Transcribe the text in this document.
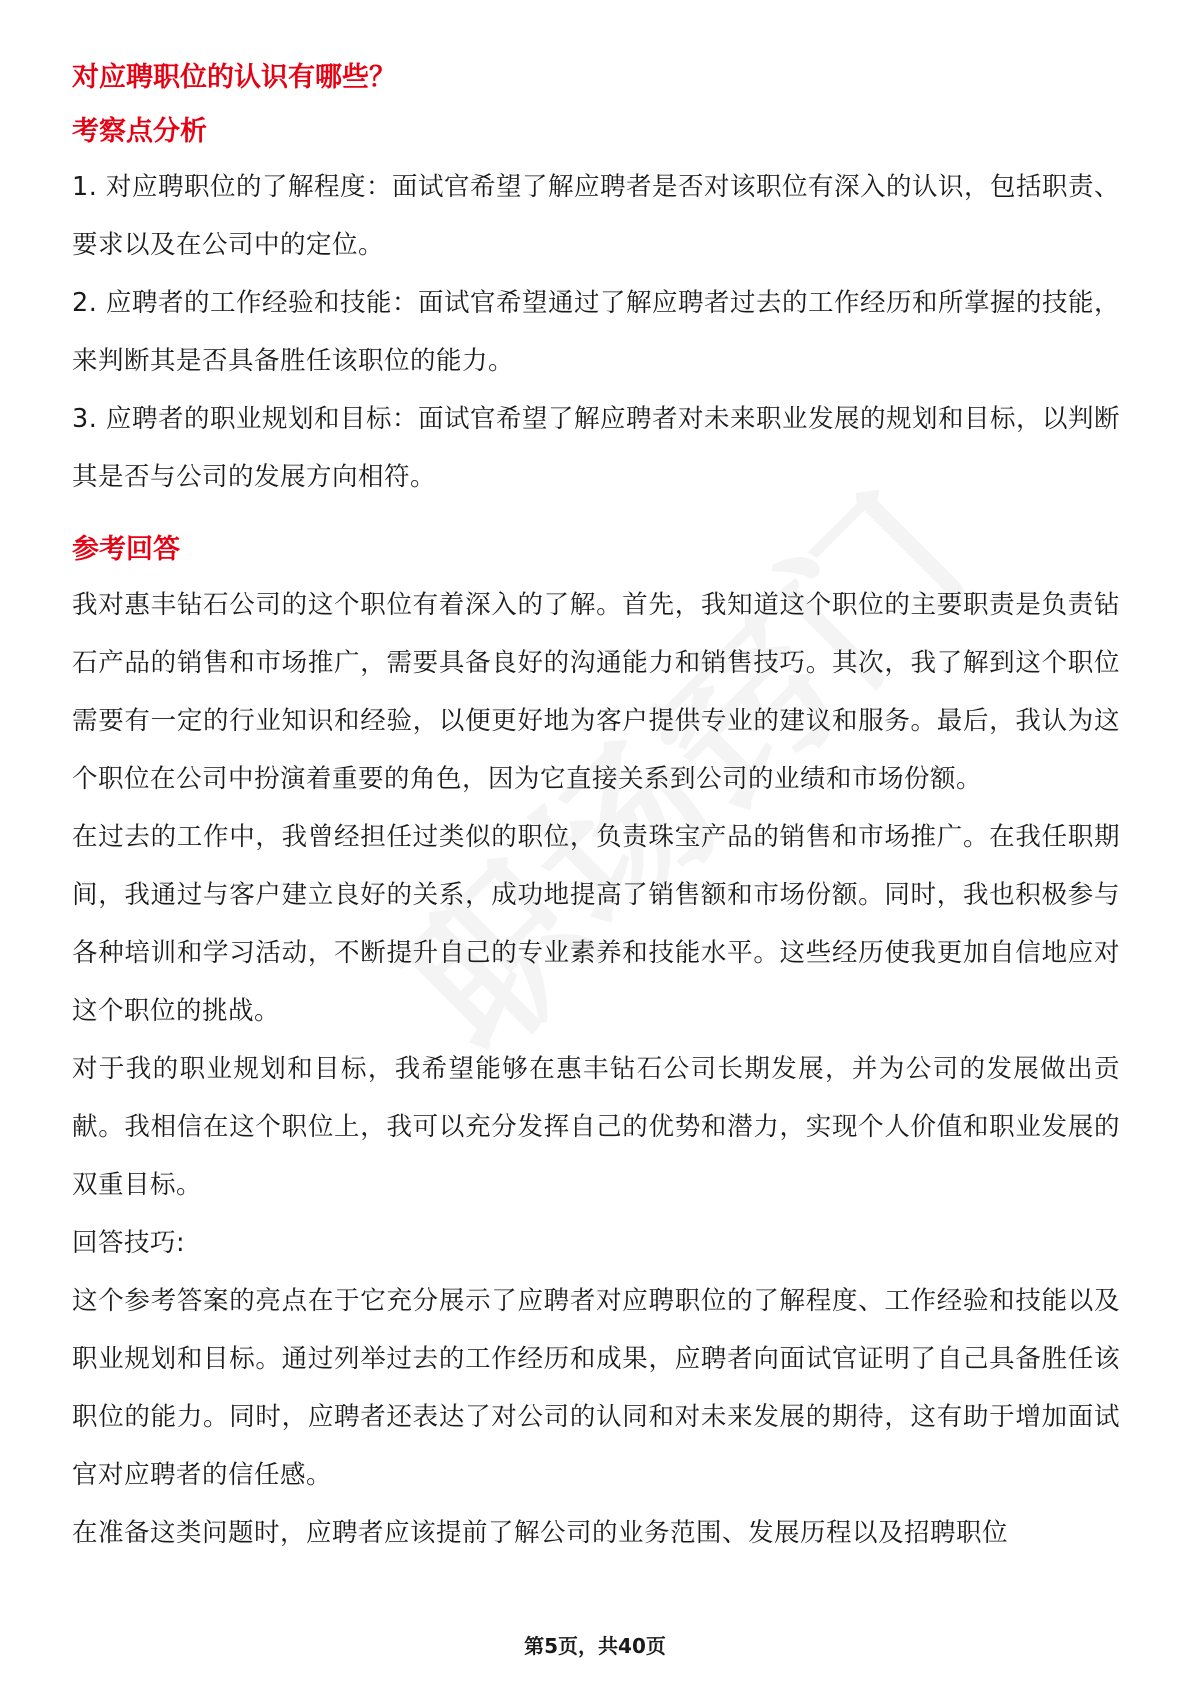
对应聘职位的认识有哪些？
考察点分析

1. 对应聘职位的了解程度：面试官希望了解应聘者是否对该职位有深入的认识，包括职责、要求以及在公司中的定位。

2. 应聘者的工作经验和技能：面试官希望通过了解应聘者过去的工作经历和所掌握的技能，来判断其是否具备胜任该职位的能力。

3. 应聘者的职业规划和目标：面试官希望了解应聘者对未来职业发展的规划和目标，以判断其是否与公司的发展方向相符。

参考回答

我对惠丰钻石公司的这个职位有着深入的了解。首先，我知道这个职位的主要职责是负责钻石产品的销售和市场推广，需要具备良好的沟通能力和销售技巧。其次，我了解到这个职位需要有一定的行业知识和经验，以便更好地为客户提供专业的建议和服务。最后，我认为这个职位在公司中扮演着重要的角色，因为它直接关系到公司的业绩和市场份额。

在过去的工作中，我曾经担任过类似的职位，负责珠宝产品的销售和市场推广。在我任职期间，我通过与客户建立良好的关系，成功地提高了销售额和市场份额。同时，我也积极参与各种培训和学习活动，不断提升自己的专业素养和技能水平。这些经历使我更加自信地应对这个职位的挑战。

对于我的职业规划和目标，我希望能够在惠丰钻石公司长期发展，并为公司的发展做出贡献。我相信在这个职位上，我可以充分发挥自己的优势和潜力，实现个人价值和职业发展的双重目标。

回答技巧:

这个参考答案的亮点在于它充分展示了应聘者对应聘职位的了解程度、工作经验和技能以及职业规划和目标。通过列举过去的工作经历和成果，应聘者向面试官证明了自己具备胜任该职位的能力。同时，应聘者还表达了对公司的认同和对未来发展的期待，这有助于增加面试官对应聘者的信任感。

在准备这类问题时，应聘者应该提前了解公司的业务范围、发展历程以及招聘职位

第5页，共40页
